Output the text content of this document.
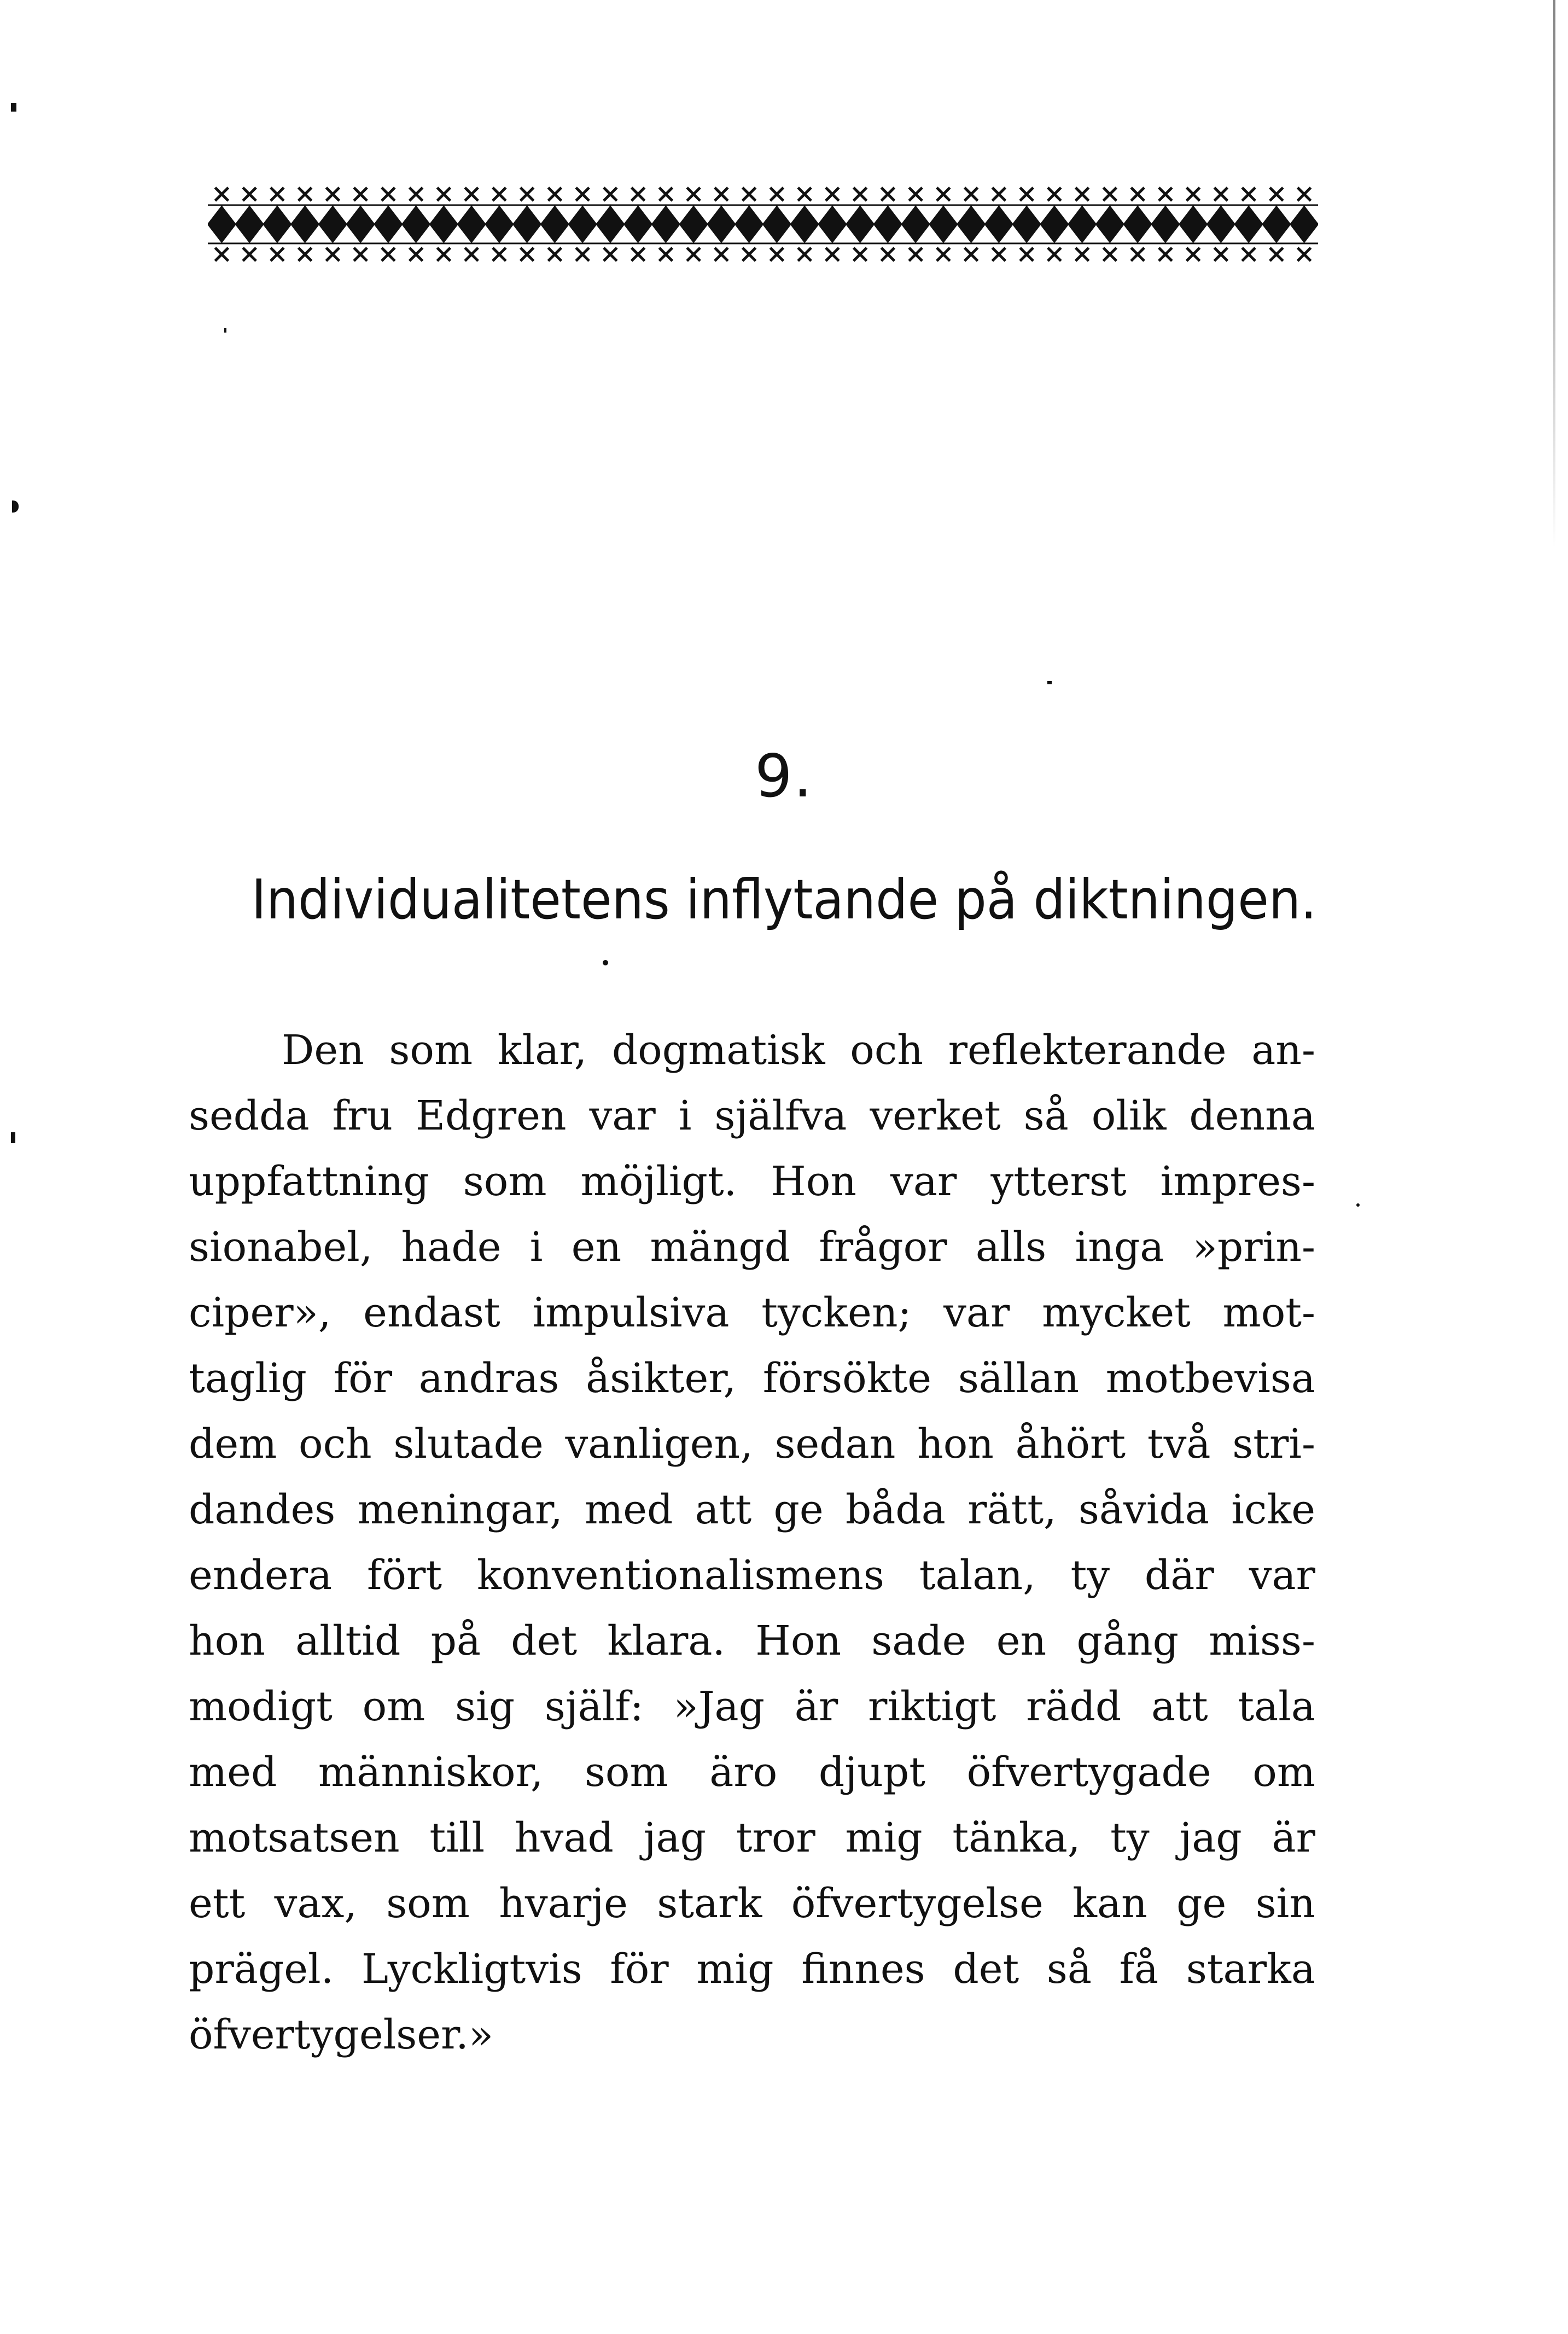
9.
Individualitetens inflytande på diktningen.
Den som klar, dogmatisk och reflekterande an-
sedda fru Edgren var i själfva verket så olik denna
uppfattning som möjligt. Hon var ytterst impres-
sionabel, hade i en mängd frågor alls inga »prin-
ciper», endast impulsiva tycken; var mycket mot-
taglig för andras åsikter, försökte sällan motbevisa
dem och slutade vanligen, sedan hon åhört två stri-
dandes meningar, med att ge båda rätt, såvida icke
endera fört konventionalismens talan, ty där var
hon alltid på det klara. Hon sade en gång miss-
modigt om sig själf: »Jag är riktigt rädd att tala
med människor, som äro djupt öfvertygade om
motsatsen till hvad jag tror mig tänka, ty jag är
ett vax, som hvarje stark öfvertygelse kan ge sin
prägel. Lyckligtvis för mig finnes det så få starka
öfvertygelser.»
